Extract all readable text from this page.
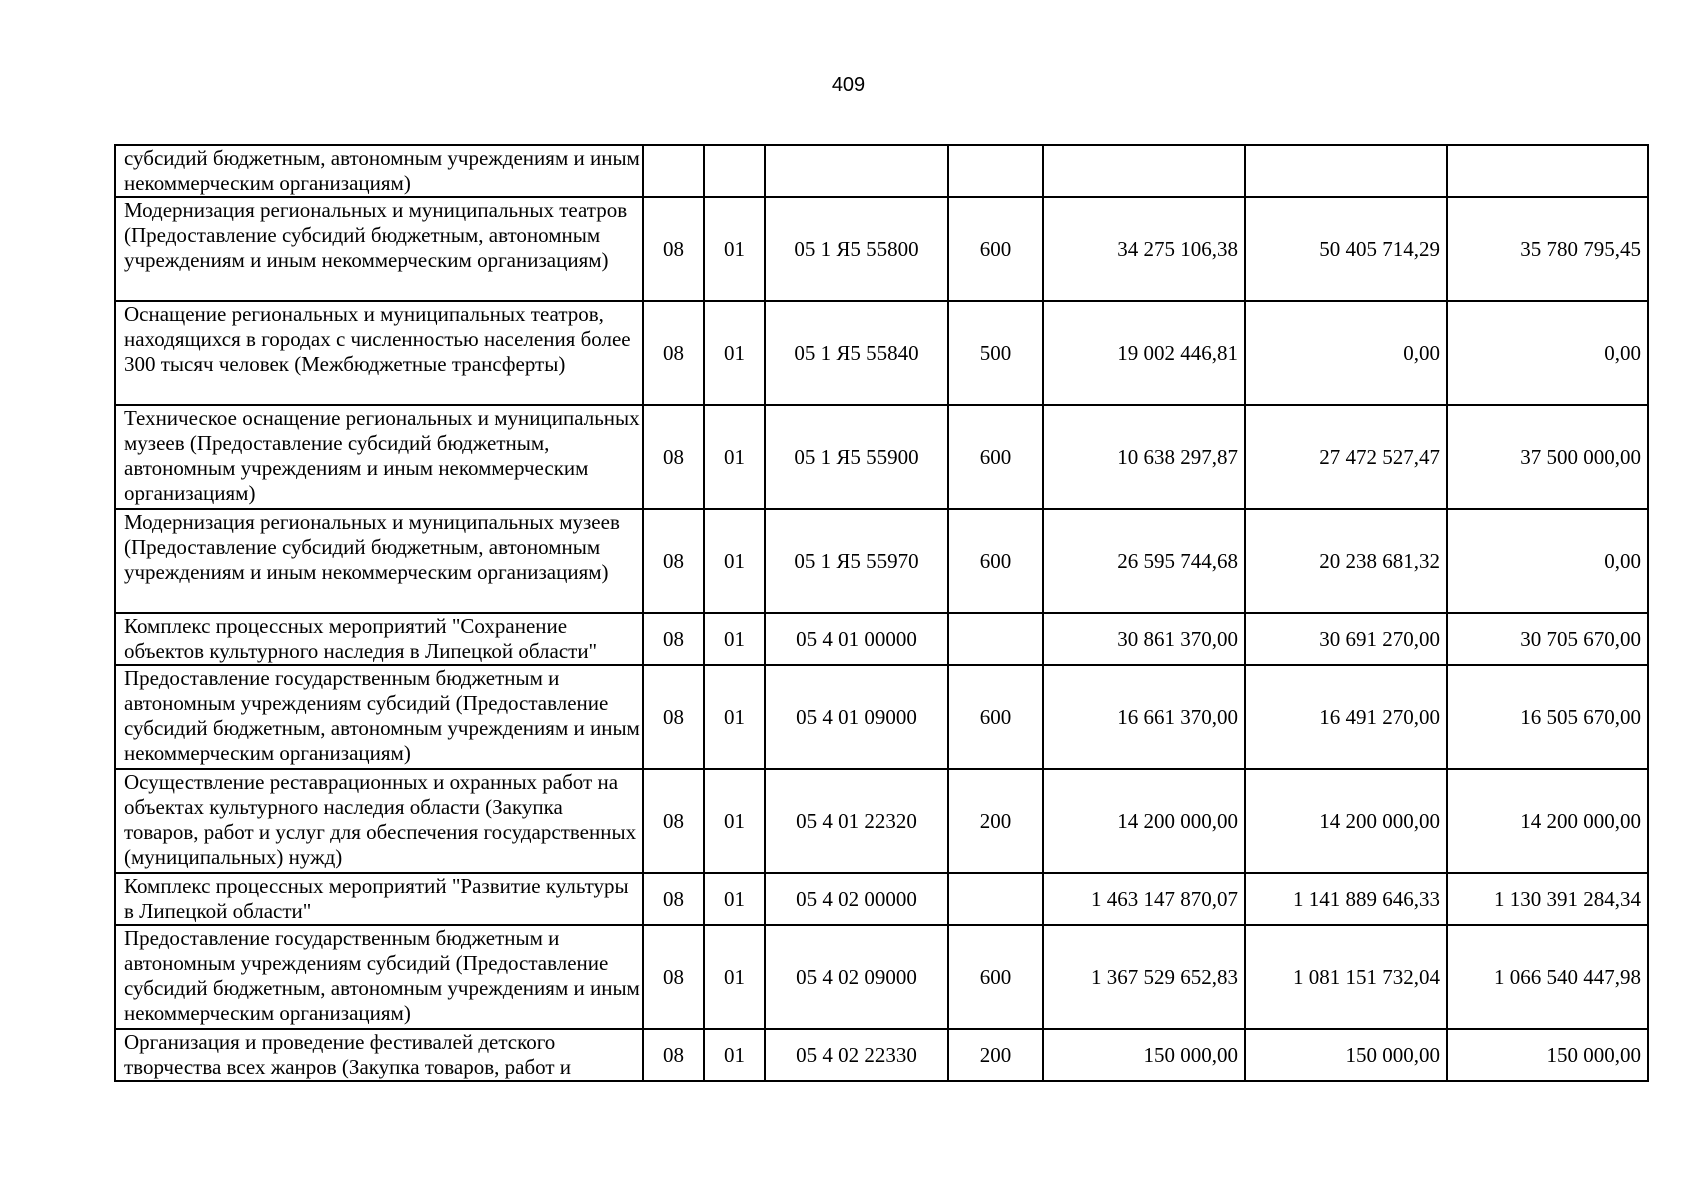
409
субсидий бюджетным, автономным учреждениям и иным некоммерческим организациям)							
Модернизация региональных и муниципальных театров (Предоставление субсидий бюджетным, автономным учреждениям и иным некоммерческим организациям)	08	01	05 1 Я5 55800	600	34 275 106,38	50 405 714,29	35 780 795,45
Оснащение региональных и муниципальных театров, находящихся в городах с численностью населения более 300 тысяч человек (Межбюджетные трансферты)	08	01	05 1 Я5 55840	500	19 002 446,81	0,00	0,00
Техническое оснащение региональных и муниципальных музеев (Предоставление субсидий бюджетным, автономным учреждениям и иным некоммерческим организациям)	08	01	05 1 Я5 55900	600	10 638 297,87	27 472 527,47	37 500 000,00
Модернизация региональных и муниципальных музеев (Предоставление субсидий бюджетным, автономным учреждениям и иным некоммерческим организациям)	08	01	05 1 Я5 55970	600	26 595 744,68	20 238 681,32	0,00
Комплекс процессных мероприятий "Сохранение объектов культурного наследия в Липецкой области"	08	01	05 4 01 00000		30 861 370,00	30 691 270,00	30 705 670,00
Предоставление государственным бюджетным и автономным учреждениям субсидий (Предоставление субсидий бюджетным, автономным учреждениям и иным некоммерческим организациям)	08	01	05 4 01 09000	600	16 661 370,00	16 491 270,00	16 505 670,00
Осуществление реставрационных и охранных работ на объектах культурного наследия области (Закупка товаров, работ и услуг для обеспечения государственных (муниципальных) нужд)	08	01	05 4 01 22320	200	14 200 000,00	14 200 000,00	14 200 000,00
Комплекс процессных мероприятий "Развитие культуры в Липецкой области"	08	01	05 4 02 00000		1 463 147 870,07	1 141 889 646,33	1 130 391 284,34
Предоставление государственным бюджетным и автономным учреждениям субсидий (Предоставление субсидий бюджетным, автономным учреждениям и иным некоммерческим организациям)	08	01	05 4 02 09000	600	1 367 529 652,83	1 081 151 732,04	1 066 540 447,98
Организация и проведение фестивалей детского творчества всех жанров (Закупка товаров, работ и	08	01	05 4 02 22330	200	150 000,00	150 000,00	150 000,00
